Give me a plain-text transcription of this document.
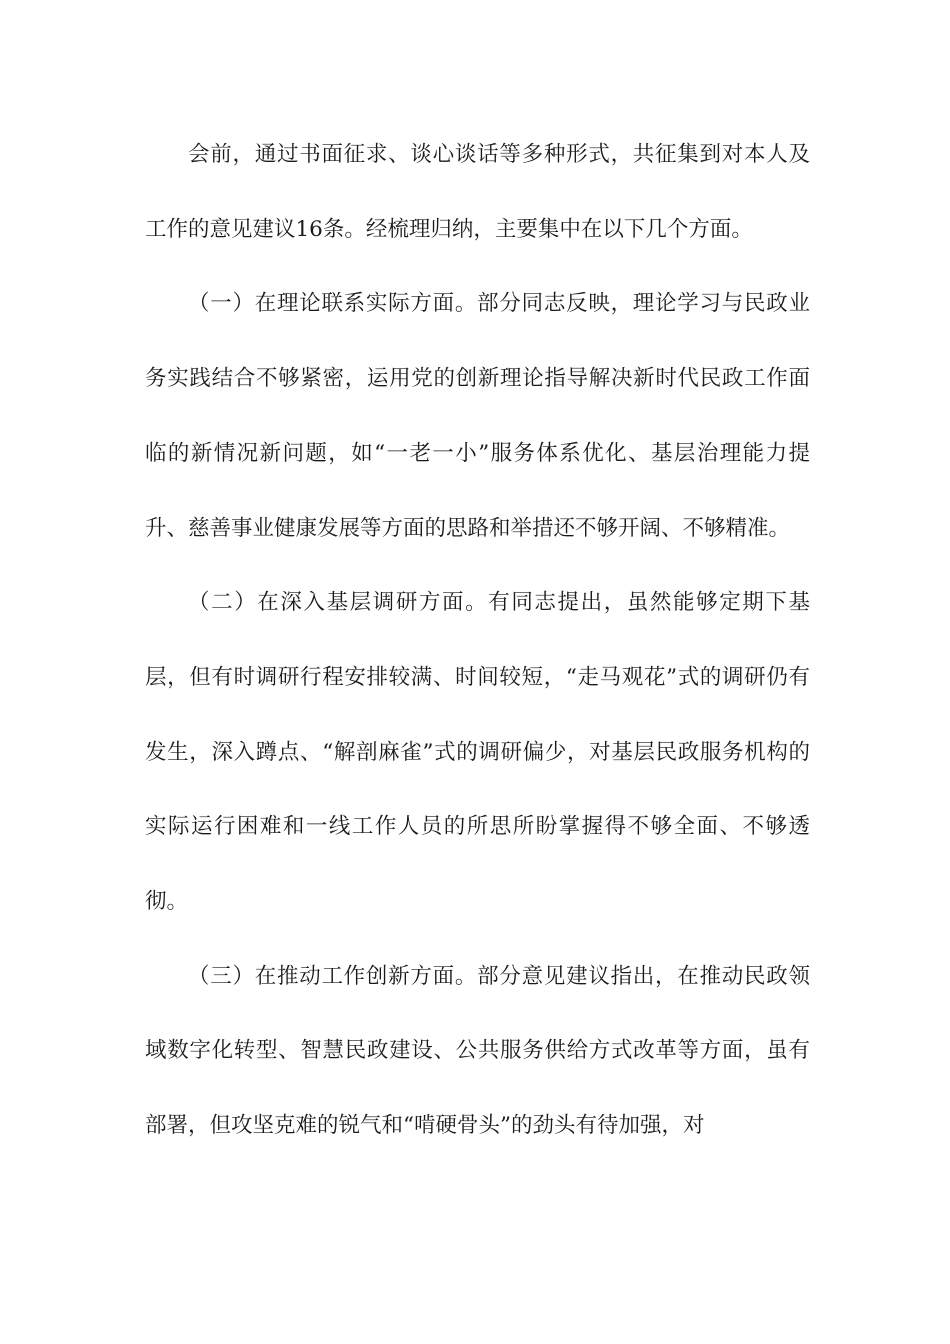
会前，通过书面征求、谈心谈话等多种形式，共征集到对本人及工作的意见建议16条。经梳理归纳，主要集中在以下几个方面。

（一）在理论联系实际方面。部分同志反映，理论学习与民政业务实践结合不够紧密，运用党的创新理论指导解决新时代民政工作面临的新情况新问题，如“一老一小”服务体系优化、基层治理能力提升、慈善事业健康发展等方面的思路和举措还不够开阔、不够精准。

（二）在深入基层调研方面。有同志提出，虽然能够定期下基层，但有时调研行程安排较满、时间较短，“走马观花”式的调研仍有发生，深入蹲点、“解剖麻雀”式的调研偏少，对基层民政服务机构的实际运行困难和一线工作人员的所思所盼掌握得不够全面、不够透彻。

（三）在推动工作创新方面。部分意见建议指出，在推动民政领域数字化转型、智慧民政建设、公共服务供给方式改革等方面，虽有部署，但攻坚克难的锐气和“啃硬骨头”的劲头有待加强，对
